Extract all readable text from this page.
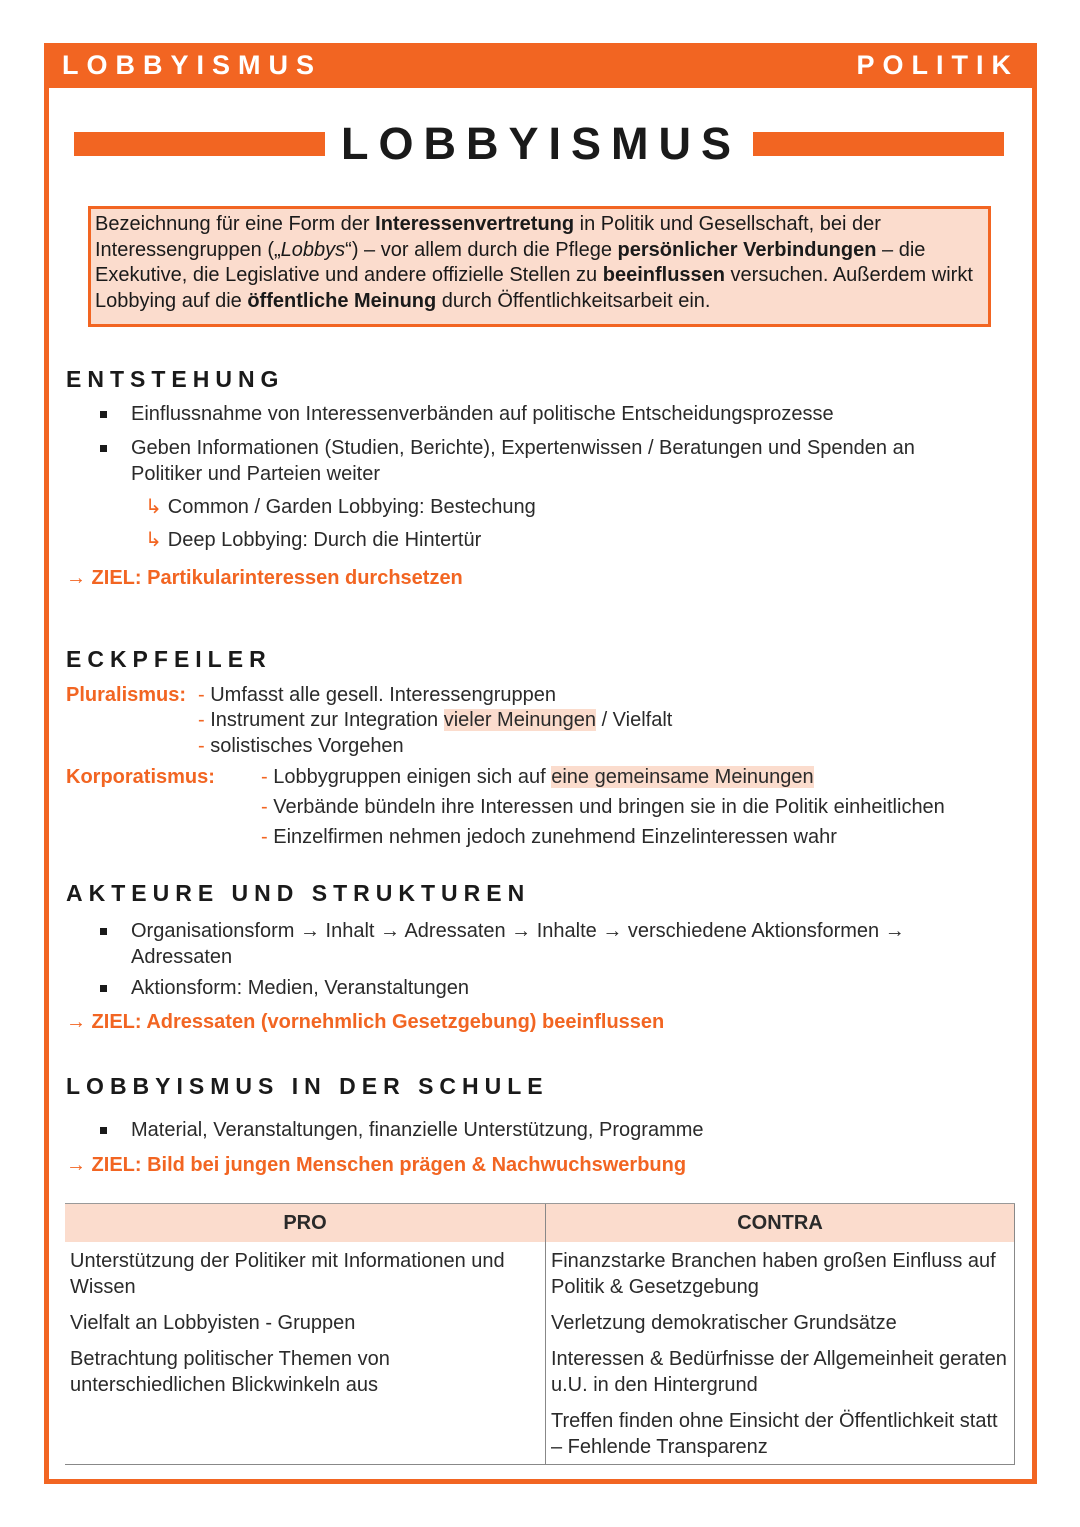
LOBBYISMUS	POLITIK
LOBBYISMUS
Bezeichnung für eine Form der Interessenvertretung in Politik und Gesellschaft, bei der Interessengruppen („Lobbys“) – vor allem durch die Pflege persönlicher Verbindungen – die Exekutive, die Legislative und andere offizielle Stellen zu beeinflussen versuchen. Außerdem wirkt Lobbying auf die öffentliche Meinung durch Öffentlichkeitsarbeit ein.
ENTSTEHUNG
Einflussnahme von Interessenverbänden auf politische Entscheidungsprozesse
Geben Informationen (Studien, Berichte), Expertenwissen / Beratungen und Spenden an Politiker und Parteien weiter
↳ Common / Garden Lobbying: Bestechung
↳ Deep Lobbying: Durch die Hintertür
→ ZIEL: Partikularinteressen durchsetzen
ECKPFEILER
Pluralismus: - Umfasst alle gesell. Interessengruppen
- Instrument zur Integration vieler Meinungen / Vielfalt
- solistisches Vorgehen
Korporatismus: - Lobbygruppen einigen sich auf eine gemeinsame Meinungen
- Verbände bündeln ihre Interessen und bringen sie in die Politik einheitlichen
- Einzelfirmen nehmen jedoch zunehmend Einzelinteressen wahr
AKTEURE UND STRUKTUREN
Organisationsform → Inhalt → Adressaten → Inhalte → verschiedene Aktionsformen → Adressaten
Aktionsform: Medien, Veranstaltungen
→ ZIEL: Adressaten (vornehmlich Gesetzgebung) beeinflussen
LOBBYISMUS IN DER SCHULE
Material, Veranstaltungen, finanzielle Unterstützung, Programme
→ ZIEL: Bild bei jungen Menschen prägen & Nachwuchswerbung
PRO	CONTRA
Unterstützung der Politiker mit Informationen und Wissen	Finanzstarke Branchen haben großen Einfluss auf Politik & Gesetzgebung
Vielfalt an Lobbyisten - Gruppen	Verletzung demokratischer Grundsätze
Betrachtung politischer Themen von unterschiedlichen Blickwinkeln aus	Interessen & Bedürfnisse der Allgemeinheit geraten u.U. in den Hintergrund
	Treffen finden ohne Einsicht der Öffentlichkeit statt – Fehlende Transparenz
